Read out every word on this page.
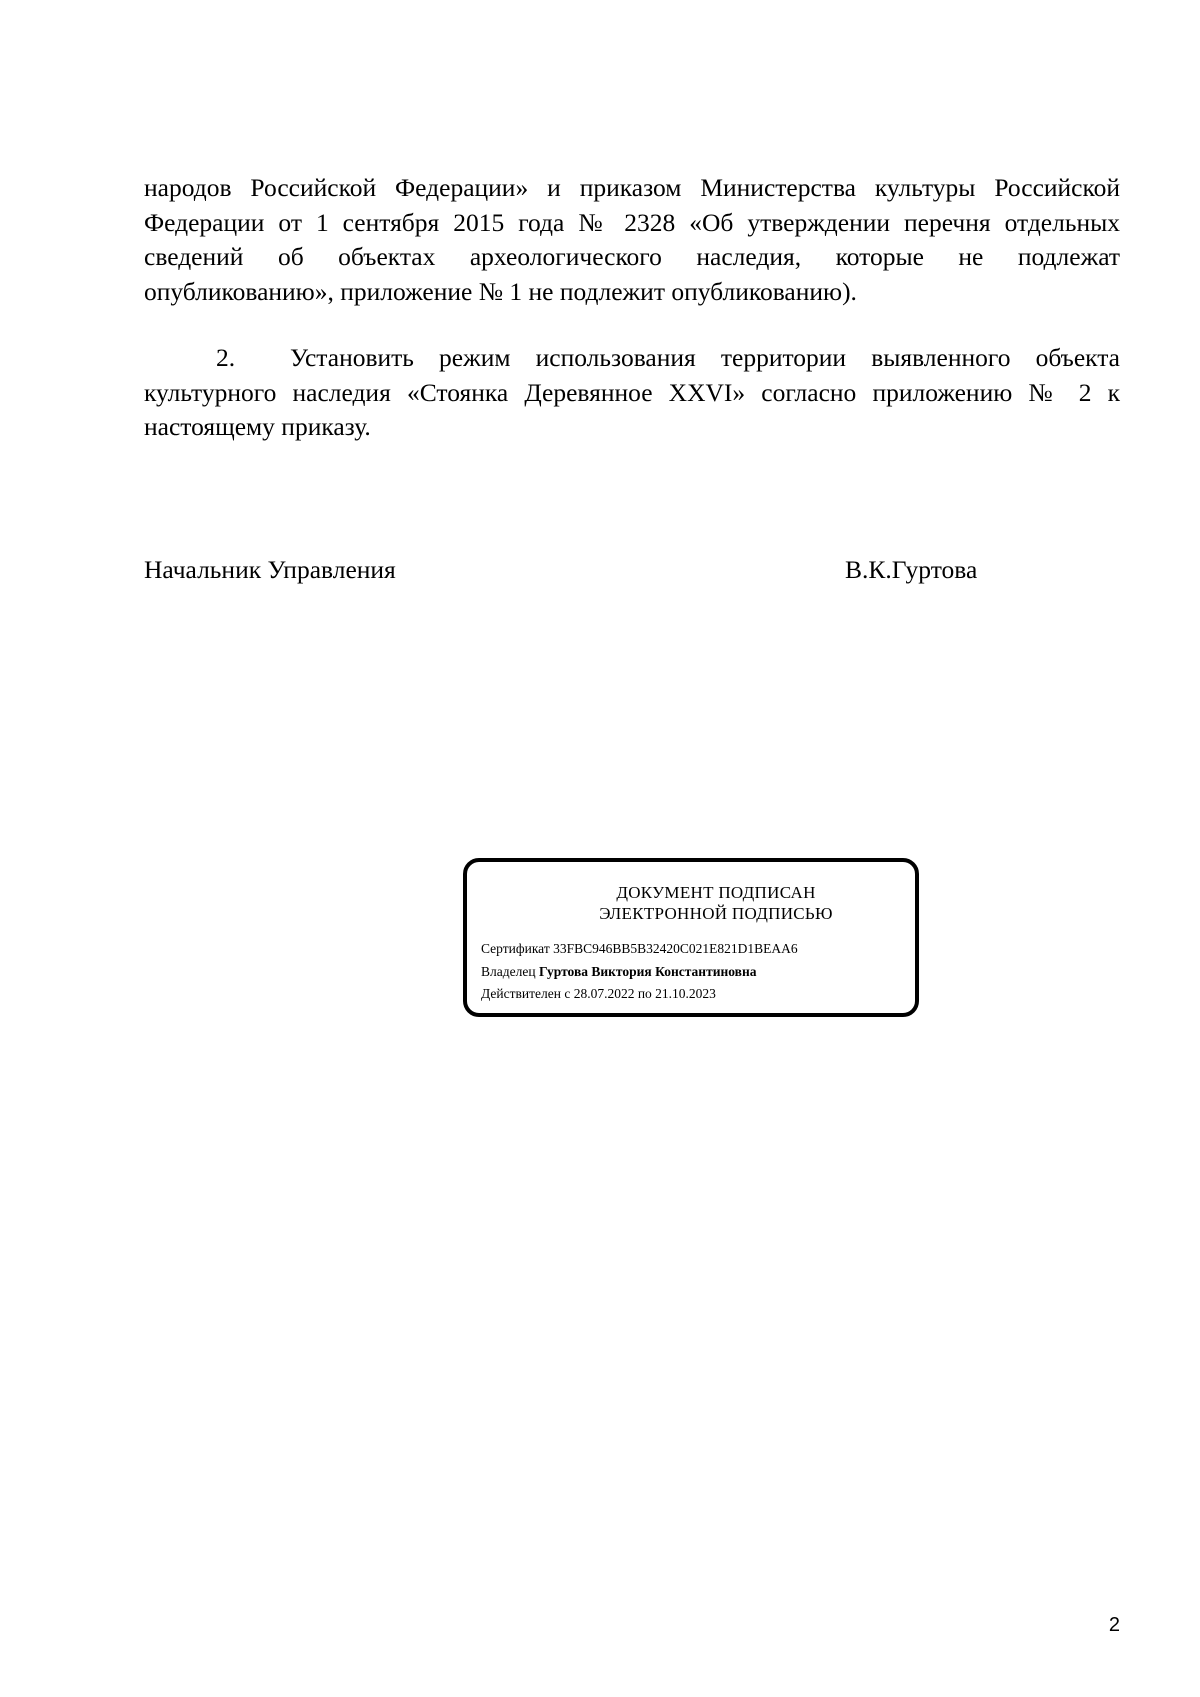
народов Российской Федерации» и приказом Министерства культуры Российской
Федерации от 1 сентября 2015 года № 2328 «Об утверждении перечня отдельных
сведений об объектах археологического наследия, которые не подлежат
опубликованию», приложение № 1 не подлежит опубликованию).
2. Установить режим использования территории выявленного объекта
культурного наследия «Стоянка Деревянное XXVI» согласно приложению № 2 к
настоящему приказу.
Начальник Управления	В.К.Гуртова
ДОКУМЕНТ ПОДПИСАН
ЭЛЕКТРОННОЙ ПОДПИСЬЮ
Сертификат 33FBC946BB5B32420C021E821D1BEAA6
Владелец Гуртова Виктория Константиновна
Действителен с 28.07.2022 по 21.10.2023
2
